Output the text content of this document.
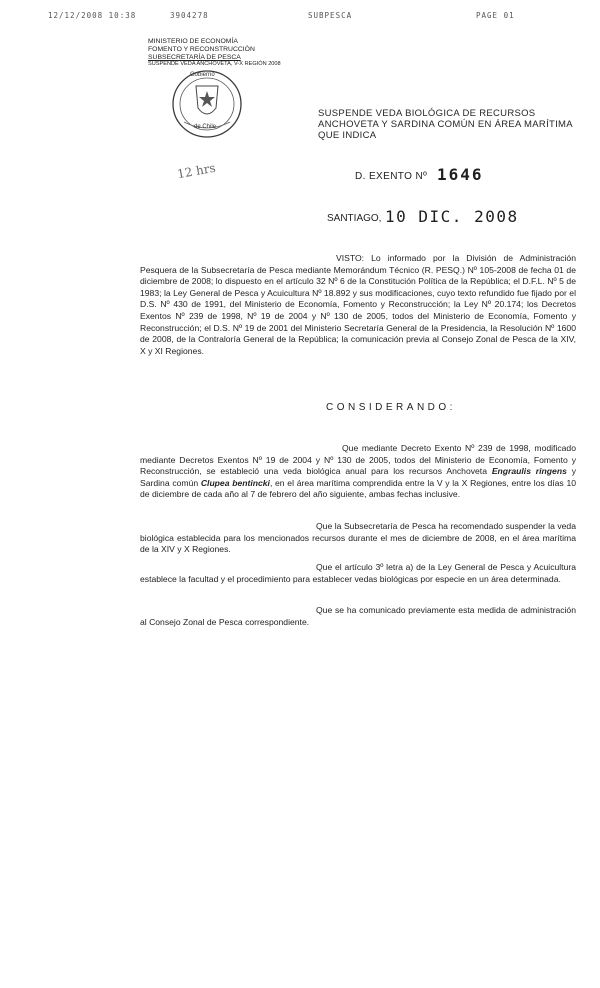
12/12/2008 10:38	3904278	SUBPESCA	PAGE 01
MINISTERIO DE ECONOMÍA
FOMENTO Y RECONSTRUCCIÓN
SUBSECRETARÍA DE PESCA
SUSPENDE VEDA ANCHOVETA, V-X REGIÓN 2008
Gobierno
de Chile
SUSPENDE VEDA BIOLÓGICA DE RECURSOS ANCHOVETA Y SARDINA COMÚN EN ÁREA MARÍTIMA QUE INDICA
12 hrs	D. EXENTO Nº 1646
SANTIAGO, 10 DIC. 2008
VISTO: Lo informado por la División de Administración Pesquera de la Subsecretaría de Pesca mediante Memorándum Técnico (R. PESQ.) Nº 105-2008 de fecha 01 de diciembre de 2008; lo dispuesto en el artículo 32 Nº 6 de la Constitución Política de la República; el D.F.L. Nº 5 de 1983; la Ley General de Pesca y Acuicultura Nº 18.892 y sus modificaciones, cuyo texto refundido fue fijado por el D.S. Nº 430 de 1991, del Ministerio de Economía, Fomento y Reconstrucción; la Ley Nº 20.174; los Decretos Exentos Nº 239 de 1998, Nº 19 de 2004 y Nº 130 de 2005, todos del Ministerio de Economía, Fomento y Reconstrucción; el D.S. Nº 19 de 2001 del Ministerio Secretaría General de la Presidencia, la Resolución Nº 1600 de 2008, de la Contraloría General de la República; la comunicación previa al Consejo Zonal de Pesca de la XIV, X y XI Regiones.
CONSIDERANDO:
Que mediante Decreto Exento Nº 239 de 1998, modificado mediante Decretos Exentos Nº 19 de 2004 y Nº 130 de 2005, todos del Ministerio de Economía, Fomento y Reconstrucción, se estableció una veda biológica anual para los recursos Anchoveta Engraulis ringens y Sardina común Clupea bentincki, en el área marítima comprendida entre la V y la X Regiones, entre los días 10 de diciembre de cada año al 7 de febrero del año siguiente, ambas fechas inclusive.
Que la Subsecretaría de Pesca ha recomendado suspender la veda biológica establecida para los mencionados recursos durante el mes de diciembre de 2008, en el área marítima de la XIV y X Regiones.
Que el artículo 3º letra a) de la Ley General de Pesca y Acuicultura establece la facultad y el procedimiento para establecer vedas biológicas por especie en un área determinada.
Que se ha comunicado previamente esta medida de administración al Consejo Zonal de Pesca correspondiente.
